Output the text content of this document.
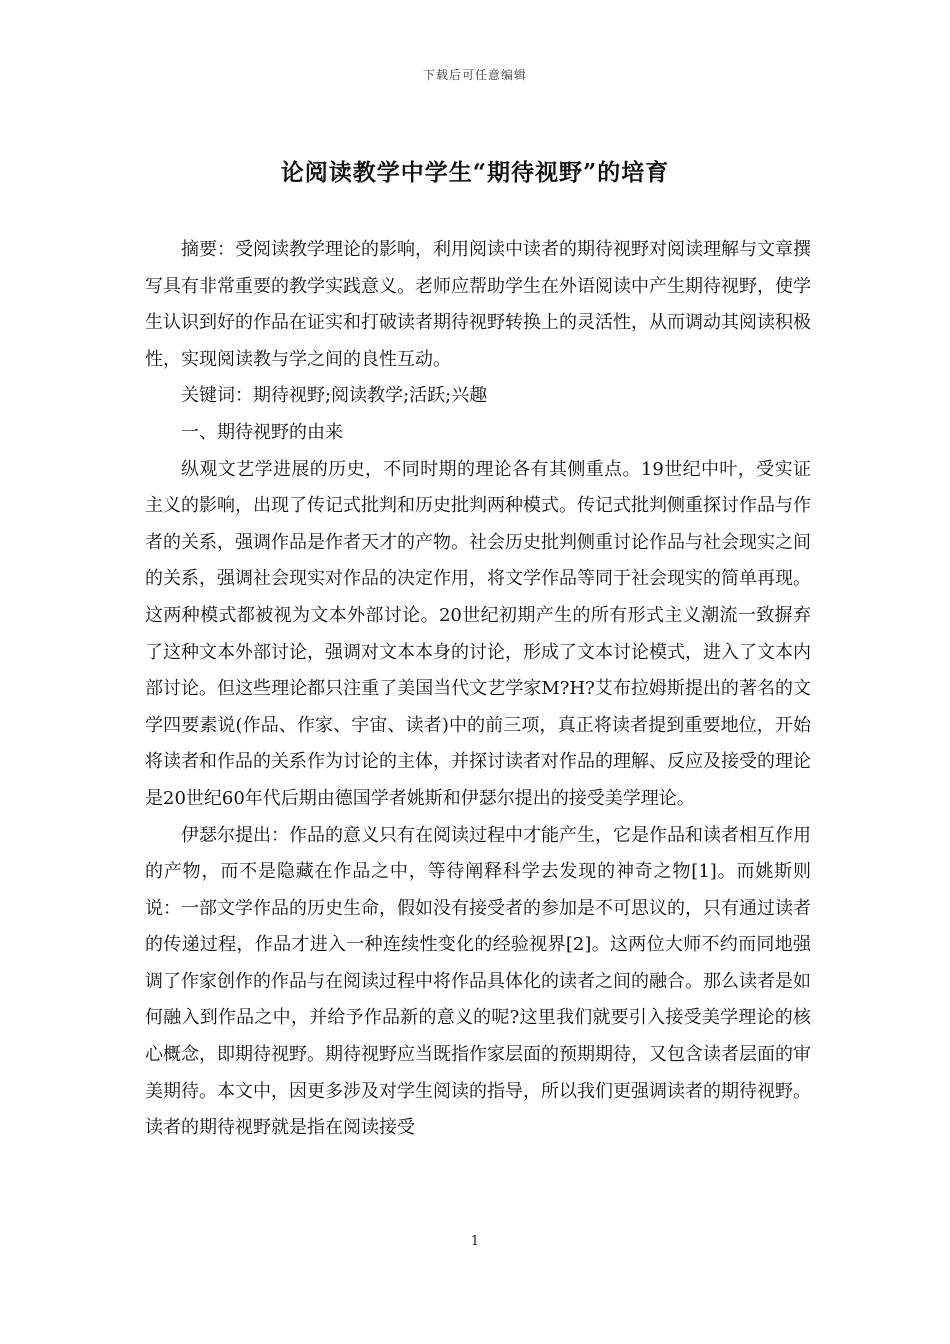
下载后可任意编辑
论阅读教学中学生“期待视野”的培育

摘要：受阅读教学理论的影响，利用阅读中读者的期待视野对阅读理解与文章撰写具有非常重要的教学实践意义。老师应帮助学生在外语阅读中产生期待视野，使学生认识到好的作品在证实和打破读者期待视野转换上的灵活性，从而调动其阅读积极性，实现阅读教与学之间的良性互动。

关键词：期待视野;阅读教学;活跃;兴趣

一、期待视野的由来

纵观文艺学进展的历史，不同时期的理论各有其侧重点。19世纪中叶，受实证主义的影响，出现了传记式批判和历史批判两种模式。传记式批判侧重探讨作品与作者的关系，强调作品是作者天才的产物。社会历史批判侧重讨论作品与社会现实之间的关系，强调社会现实对作品的决定作用，将文学作品等同于社会现实的简单再现。这两种模式都被视为文本外部讨论。20世纪初期产生的所有形式主义潮流一致摒弃了这种文本外部讨论，强调对文本本身的讨论，形成了文本讨论模式，进入了文本内部讨论。但这些理论都只注重了美国当代文艺学家M?H?艾布拉姆斯提出的著名的文学四要素说(作品、作家、宇宙、读者)中的前三项，真正将读者提到重要地位，开始将读者和作品的关系作为讨论的主体，并探讨读者对作品的理解、反应及接受的理论是20世纪60年代后期由德国学者姚斯和伊瑟尔提出的接受美学理论。

伊瑟尔提出：作品的意义只有在阅读过程中才能产生，它是作品和读者相互作用的产物，而不是隐藏在作品之中，等待阐释科学去发现的神奇之物[1]。而姚斯则说：一部文学作品的历史生命，假如没有接受者的参加是不可思议的，只有通过读者的传递过程，作品才进入一种连续性变化的经验视界[2]。这两位大师不约而同地强调了作家创作的作品与在阅读过程中将作品具体化的读者之间的融合。那么读者是如何融入到作品之中，并给予作品新的意义的呢?这里我们就要引入接受美学理论的核心概念，即期待视野。期待视野应当既指作家层面的预期期待，又包含读者层面的审美期待。本文中，因更多涉及对学生阅读的指导，所以我们更强调读者的期待视野。读者的期待视野就是指在阅读接受

1
